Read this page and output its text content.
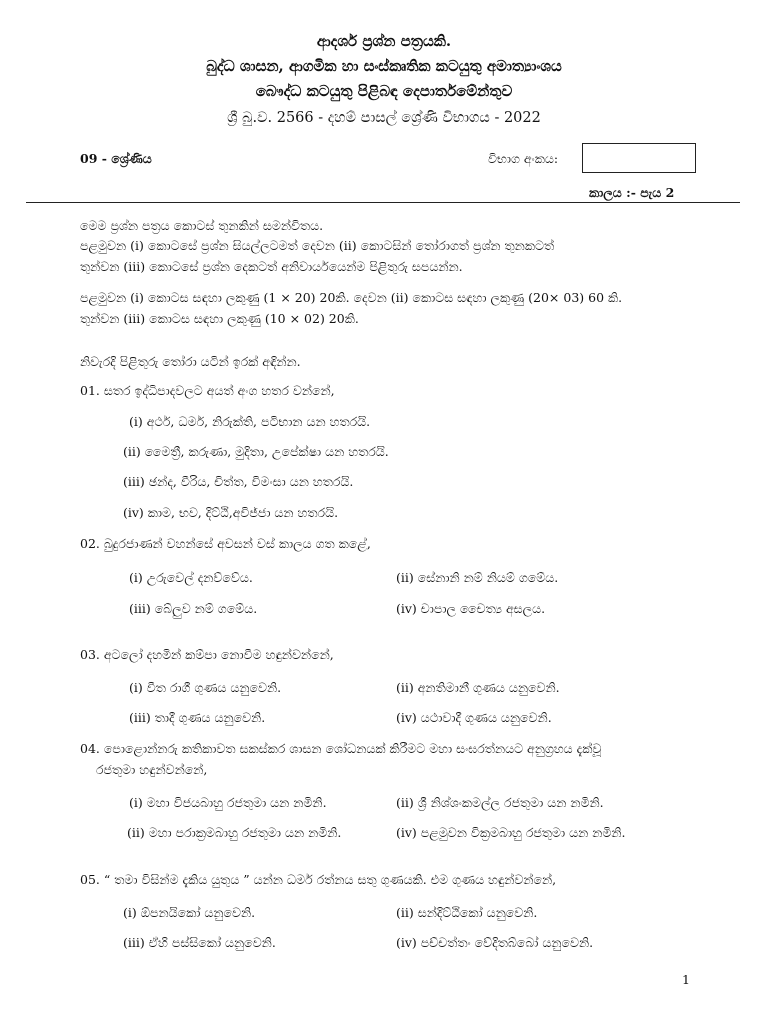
ආදර්ශ ප්‍රශ්න පත්‍රයකි.
බුද්ධ ශාසන, ආගමික හා සංස්කෘතික කටයුතු අමාත්‍යාංශය
බෞද්ධ කටයුතු පිළිබඳ දෙපාර්තමේන්තුව
ශ්‍රී බු.ව. 2566 - දහම් පාසල් ශ්‍රේණි විභාගය - 2022
09 - ශ්‍රේණිය	විභාග අංකය:
කාලය :- පැය 2
මෙම ප්‍රශ්න පත්‍රය කොටස් තුනකින් සමන්විතය.
පළමුවන (i) කොටසේ ප්‍රශ්න සියල්ලටමත් දෙවන (ii) කොටසින් තෝරාගත් ප්‍රශ්න තුනකටත්
තුන්වන (iii) කොටසේ ප්‍රශ්න දෙකටත් අනිවාර්යයෙන්ම පිළිතුරු සපයන්න.
පළමුවන (i) කොටස සඳහා ලකුණු (1 × 20) 20කි. දෙවන (ii) කොටස සඳහා ලකුණු (20× 03) 60 කි.
තුන්වන (iii) කොටස සඳහා ලකුණු (10 × 02) 20කි.
නිවැරදි පිළිතුරු තෝරා යටින් ඉරක් අඳින්න.
01. සතර ඉද්ධිපාදවලට අයත් අංග හතර වන්නේ,
(i) අර්ථ, ධර්ම, නිරුක්ති, පටිභාන යන හතරයි.
(ii) මෛත්‍රී, කරුණා, මුදිතා, උපේක්ෂා යන හතරයි.
(iii) ඡන්ද, වීරිය, චිත්ත, විමංසා යන හතරයි.
(iv) කාම, භව, දිට්ඨි,අවිජ්ජා යන හතරයි.
02. බුදුරජාණන් වහන්සේ අවසන් වස් කාලය ගත කළේ,
(i) උරුවෙල් දනව්වේය.	(ii) සේනානි නම් නියම් ගමේය.
(iii) බේලුව නම් ගමේය.	(iv) චාපාල චෛත්‍ය අසලය.
03. අටලෝ දහමින් කම්පා නොවීම හඳුන්වන්නේ,
(i) වීත රාගී ගුණය යනුවෙනි.	(ii) අනතිමානී ගුණය යනුවෙනි.
(iii) තාදී ගුණය යනුවෙනි.	(iv) යථාවාදී ගුණය යනුවෙනි.
04. පොළොන්නරු කතිකාවත සකස්කර ශාසන ශෝධනයක් කිරීමට මහා සංඝරත්නයට අනුග්‍රහය දැක්වූ
රජතුමා හඳුන්වන්නේ,
(i) මහා විජයබාහු රජතුමා යන නමිනි.	(ii) ශ්‍රී නිශ්ශංකමල්ල රජතුමා යන නමිනි.
(ii) මහා පරාක්‍රමබාහු රජතුමා යන නමිනි.	(iv) පළමුවන වික්‍රමබාහු රජතුමා යන නමිනි.
05. “ තමා විසින්ම දැකිය යුතුය ” යන්න ධර්ම රත්නය සතු ගුණයකි. එම ගුණය හඳුන්වන්නේ,
(i) ඕපනයිකෝ යනුවෙනි.	(ii) සන්දිට්ඨිකෝ යනුවෙනි.
(iii) ඒහි පස්සිකෝ යනුවෙනි.	(iv) පච්චත්තං වේදිතබ්බෝ යනුවෙනි.
1
